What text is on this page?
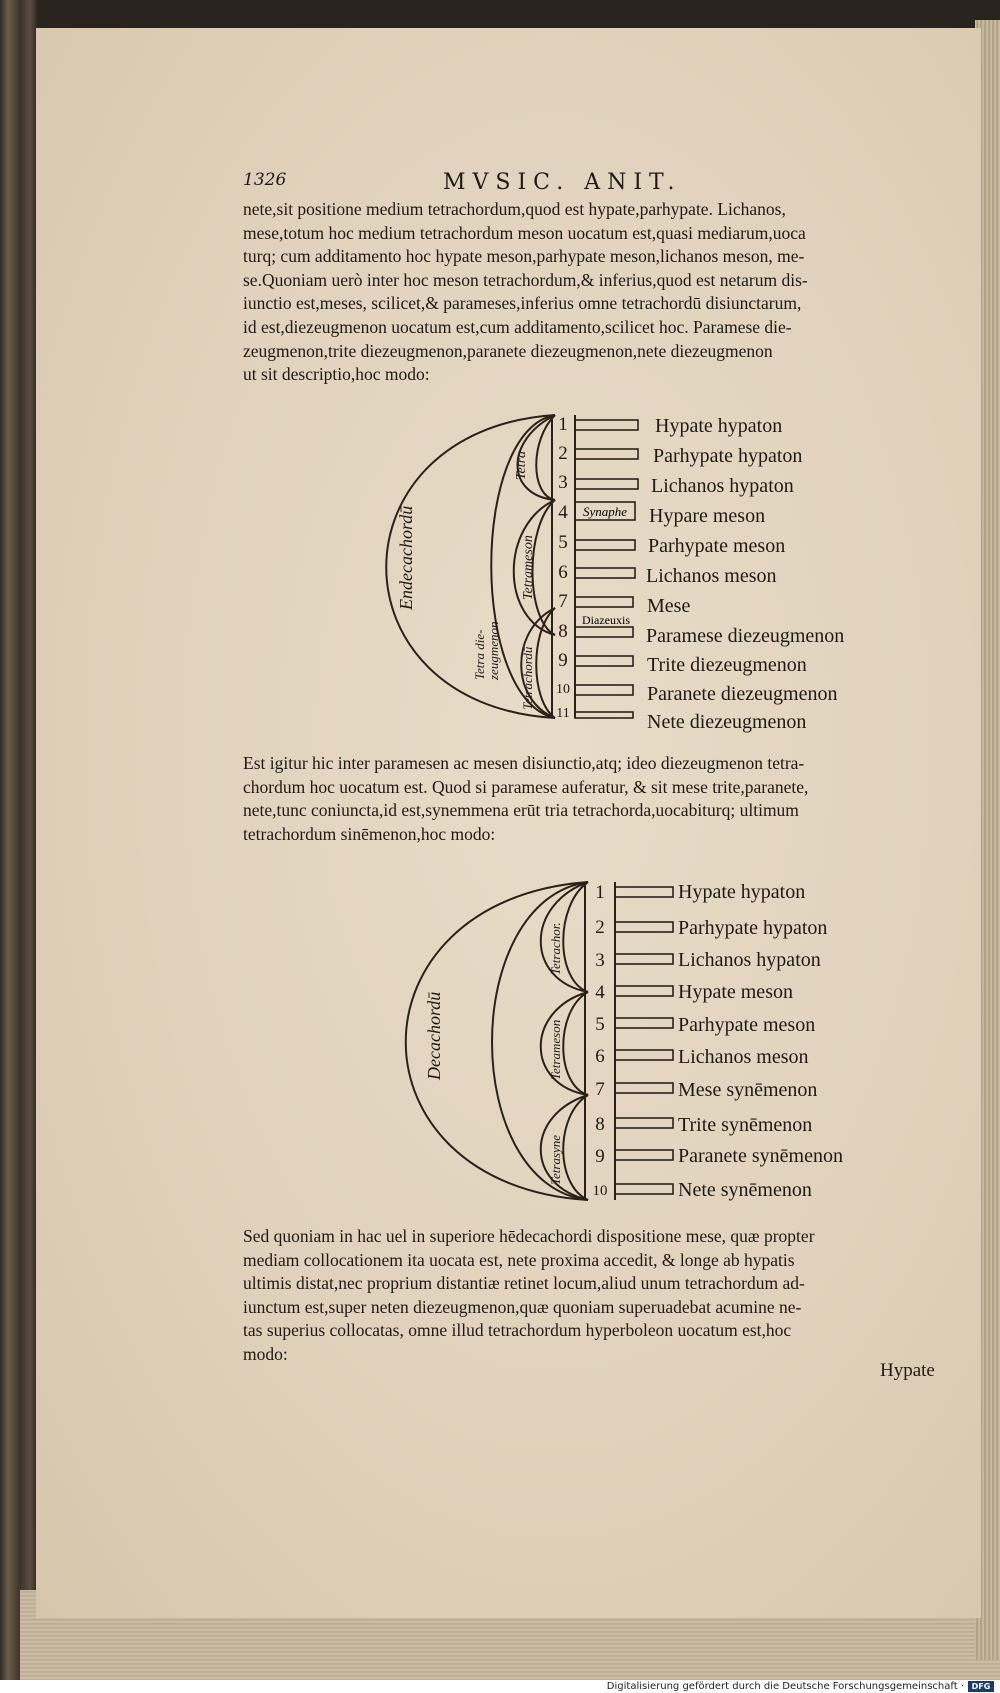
1326	MVSIC. ANIT.

nete,sit positione medium tetrachordum,quod est hypate,parhypate. Lichanos,
mese,totum hoc medium tetrachordum meson uocatum est,quasi mediarum,uoca
turq; cum additamento hoc hypate meson,parhypate meson,lichanos meson, me-
se.Quoniam uerò inter hoc meson tetrachordum,& inferius,quod est netarum dis-
iunctio est,meses, scilicet,& parameses,inferius omne tetrachordū disiunctarum,
id est,diezeugmenon uocatum est,cum additamento,scilicet hoc. Paramese die-
zeugmenon,trite diezeugmenon,paranete diezeugmenon,nete diezeugmenon
ut sit descriptio,hoc modo:

1
2
3
4
5
6
7
8
9
10
11
Hypate hypaton
Parhypate hypaton
Lichanos hypaton
Hypare meson
Parhypate meson
Lichanos meson
Mese
Paramese diezeugmenon
Trite diezeugmenon
Paranete diezeugmenon
Nete diezeugmenon
Synaphe
Diazeuxis
Endecachordū
Tetra
Tetrameson
Tetrachordū
Tetra die- zeugmenon

Est igitur hic inter paramesen ac mesen disiunctio,atq; ideo diezeugmenon tetra-
chordum hoc uocatum est. Quod si paramese auferatur, & sit mese trite,paranete,
nete,tunc coniuncta,id est,synemmena erūt tria tetrachorda,uocabiturq; ultimum
tetrachordum sinēmenon,hoc modo:

1
2
3
4
5
6
7
8
9
10
Hypate hypaton
Parhypate hypaton
Lichanos hypaton
Hypate meson
Parhypate meson
Lichanos meson
Mese synēmenon
Trite synēmenon
Paranete synēmenon
Nete synēmenon
Decachordū
Tetrachor.
Tetrameson
Tetrasyne

Sed quoniam in hac uel in superiore hēdecachordi dispositione mese, quæ propter
mediam collocationem ita uocata est, nete proxima accedit, & longe ab hypatis
ultimis distat,nec proprium distantiæ retinet locum,aliud unum tetrachordum ad-
iunctum est,super neten diezeugmenon,quæ quoniam superuadebat acumine ne-
tas superius collocatas, omne illud tetrachordum hyperboleon uocatum est,hoc
modo:

Hypate
Digitalisierung gefördert durch die Deutsche Forschungsgemeinschaft · DFG
